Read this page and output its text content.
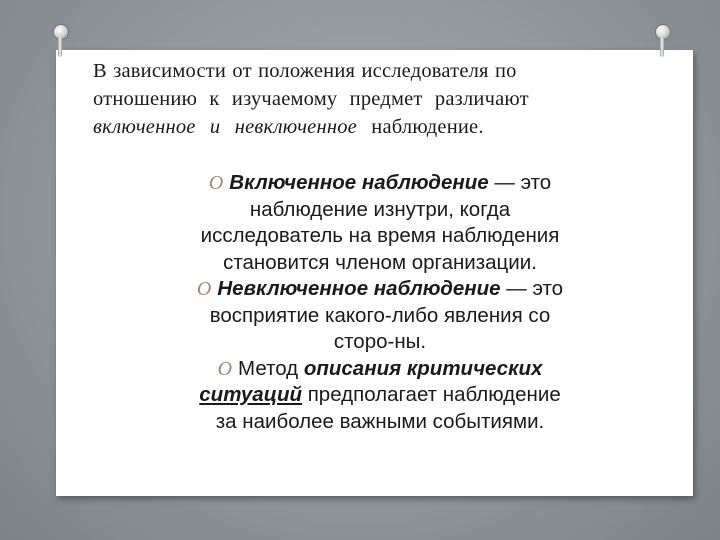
В зависимости от положения исследователя по
отношению к изучаемому предмет различают
включенное и невключенное наблюдение.
O Включенное наблюдение — это
наблюдение изнутри, когда
исследователь на время наблюдения
становится членом организации.
O Невключенное наблюдение — это
восприятие какого-либо явления со
сторо-ны.
O Метод описания критических
ситуаций предполагает наблюдение
за наиболее важными событиями.
